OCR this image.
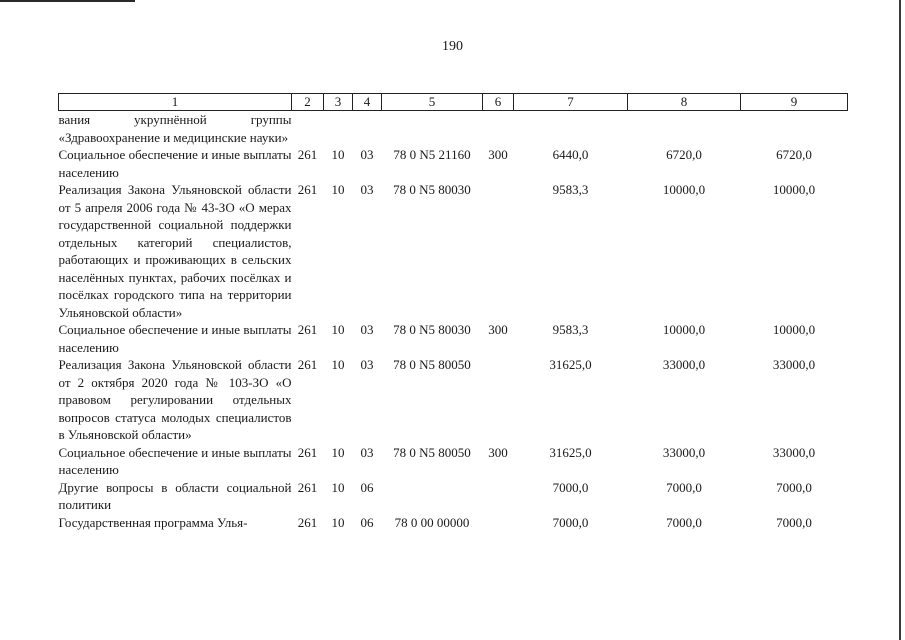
190
1	2	3	4	5	6	7	8	9
вания укрупнённой группы «Здравоохранение и медицинские науки»								
Социальное обеспечение и иные выплаты населению	261	10	03	78 0 N5 21160	300	6440,0	6720,0	6720,0
Реализация Закона Ульяновской области от 5 апреля 2006 года № 43-ЗО «О мерах государственной социальной поддержки отдельных категорий специалистов, работающих и проживающих в сельских населённых пунктах, рабочих посёлках и посёлках городского типа на территории Ульяновской области»	261	10	03	78 0 N5 80030		9583,3	10000,0	10000,0
Социальное обеспечение и иные выплаты населению	261	10	03	78 0 N5 80030	300	9583,3	10000,0	10000,0
Реализация Закона Ульяновской области от 2 октября 2020 года № 103-ЗО «О правовом регулировании отдельных вопросов статуса молодых специалистов в Ульяновской области»	261	10	03	78 0 N5 80050		31625,0	33000,0	33000,0
Социальное обеспечение и иные выплаты населению	261	10	03	78 0 N5 80050	300	31625,0	33000,0	33000,0
Другие вопросы в области социальной политики	261	10	06			7000,0	7000,0	7000,0
Государственная программа Улья-	261	10	06	78 0 00 00000		7000,0	7000,0	7000,0
